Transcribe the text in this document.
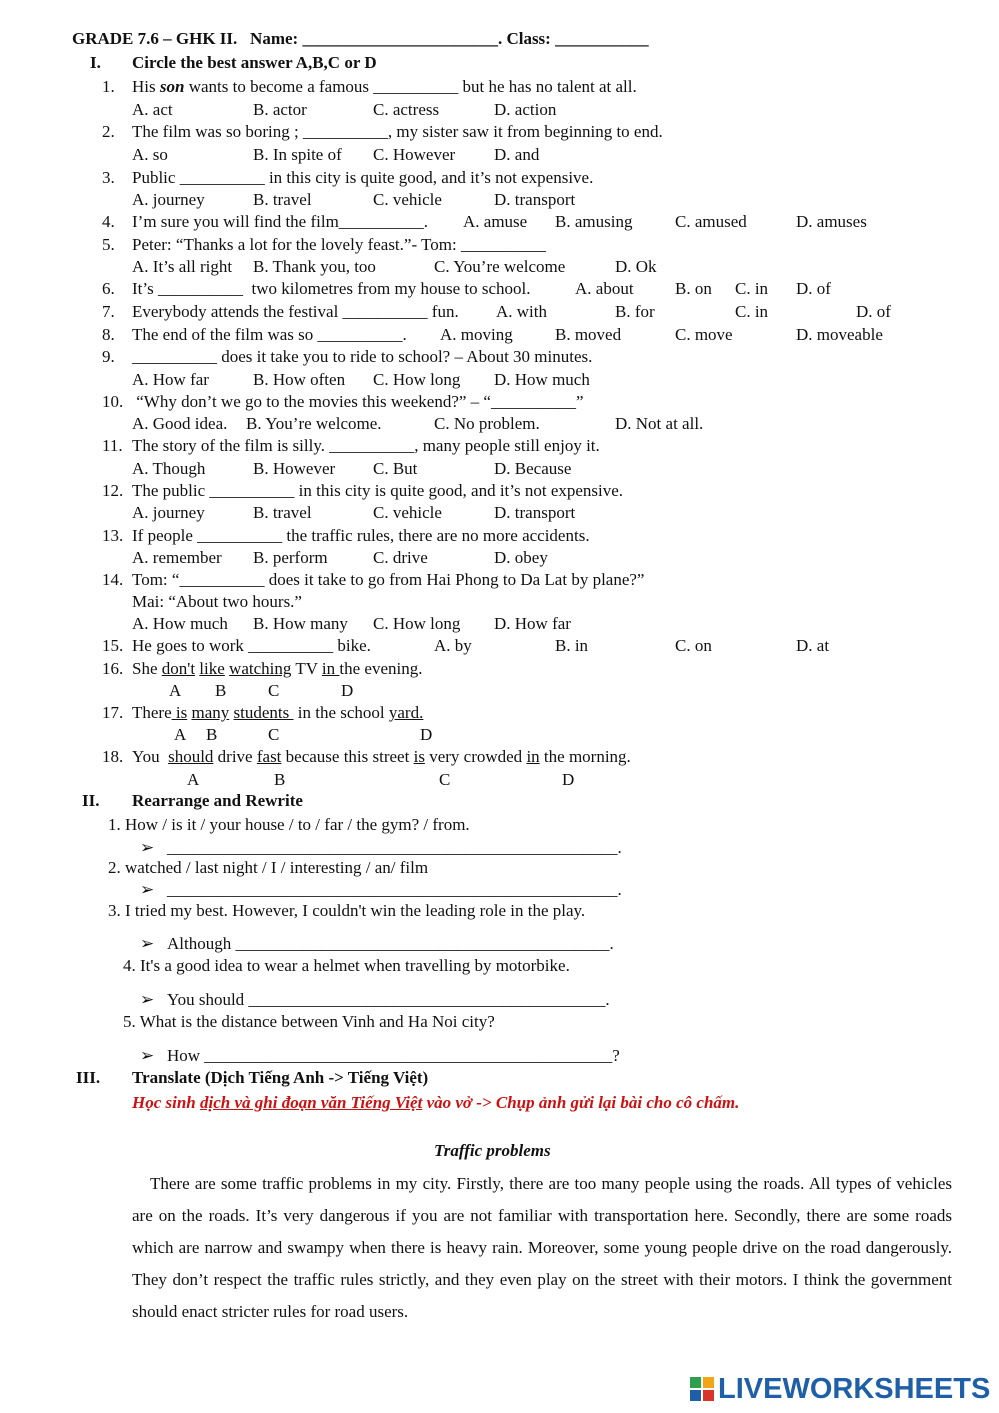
GRADE 7.6 – GHK II.   Name: _______________________. Class: ___________
I. Circle the best answer A,B,C or D
1. His son wants to become a famous __________ but he has no talent at all.
A. act	B. actor	C. actress	D. action
2. The film was so boring ; __________, my sister saw it from beginning to end.
A. so	B. In spite of C. However D. and
3. Public __________ in this city is quite good, and it’s not expensive.
A. journey	B. travel	C. vehicle	D. transport
4. I’m sure you will find the film__________. A. amuse B. amusing	C. amused	D. amuses
5. Peter: “Thanks a lot for the lovely feast.”- Tom: __________
A. It’s all right B. Thank you, too	C. You’re welcome	D. Ok
6. It’s __________  two kilometres from my house to school.	A. about B. on C. in D. of
7. Everybody attends the festival __________ fun. A. with	B. for	C. in	D. of
8. The end of the film was so __________. A. moving B. moved	C. move	D. moveable
9. __________ does it take you to ride to school? – About 30 minutes.
A. How far	B. How often C. How long D. How much
10. “Why don’t we go to the movies this weekend?” – “__________”
A. Good idea. B. You’re welcome.	C. No problem.	D. Not at all.
11. The story of the film is silly. __________, many people still enjoy it.
A. Though	B. However C. But	D. Because
12. The public __________ in this city is quite good, and it’s not expensive.
A. journey	B. travel	C. vehicle	D. transport
13. If people __________ the traffic rules, there are no more accidents.
A. remember B. perform	C. drive	D. obey
14. Tom: “__________ does it take to go from Hai Phong to Da Lat by plane?”
Mai: “About two hours.”
A. How much B. How many C. How long D. How far
15. He goes to work __________ bike.	A. by	B. in	C. on	D. at
16. She don't like watching TV in the evening.
A B C	D
17. There is many students  in the school yard.
A B	C	D
18. You  should drive fast because this street is very crowded in the morning.
A	B	C	D
II. Rearrange and Rewrite
1. How / is it / your house / to / far / the gym? / from.
➢ _____________________________________________________.
2. watched / last night / I / interesting / an/ film
➢ _____________________________________________________.
3. I tried my best. However, I couldn't win the leading role in the play.
➢ Although ____________________________________________.
4. It's a good idea to wear a helmet when travelling by motorbike.
➢ You should __________________________________________.
5. What is the distance between Vinh and Ha Noi city?
➢ How ________________________________________________?
III. Translate (Dịch Tiếng Anh -> Tiếng Việt)
Học sinh dịch và ghi đoạn văn Tiếng Việt vào vở -> Chụp ảnh gửi lại bài cho cô chấm.
Traffic problems
There are some traffic problems in my city. Firstly, there are too many people using the roads. All types of vehicles are on the roads. It’s very dangerous if you are not familiar with transportation here. Secondly, there are some roads which are narrow and swampy when there is heavy rain. Moreover, some young people drive on the road dangerously. They don’t respect the traffic rules strictly, and they even play on the street with their motors. I think the government should enact stricter rules for road users.
LIVEWORKSHEETS
